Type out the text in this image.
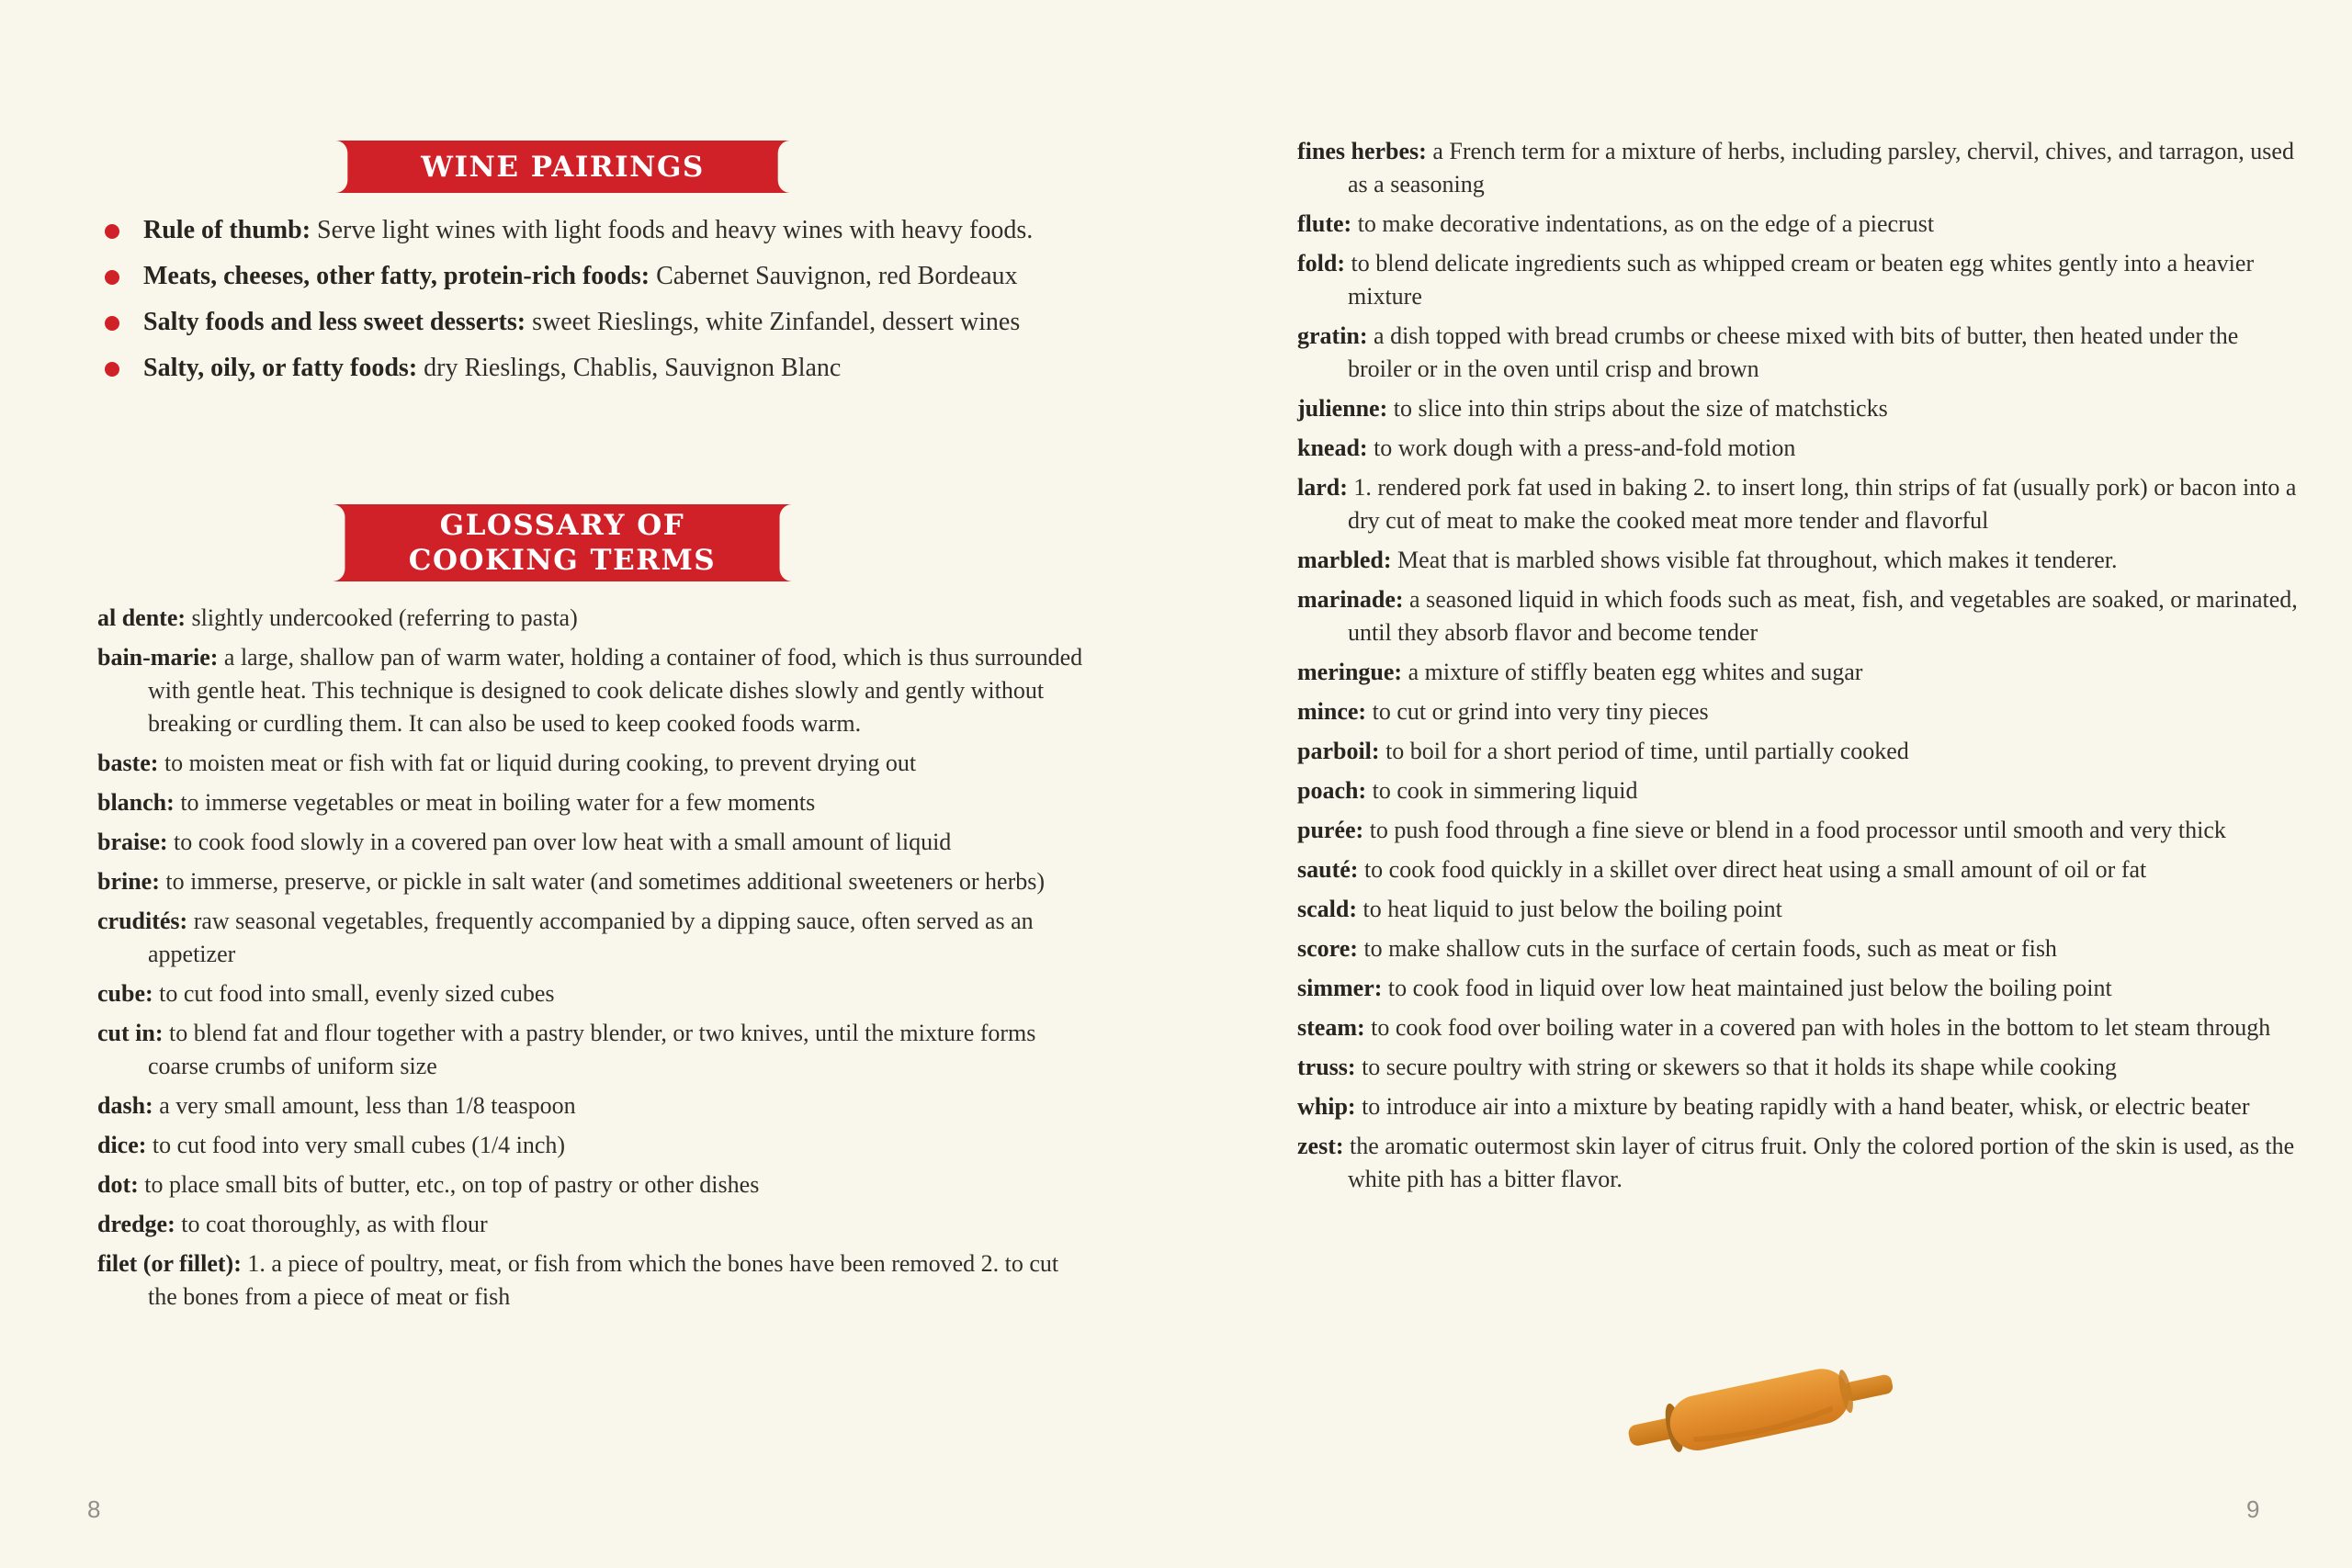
WINE PAIRINGS
Rule of thumb: Serve light wines with light foods and heavy wines with heavy foods.
Meats, cheeses, other fatty, protein-rich foods: Cabernet Sauvignon, red Bordeaux
Salty foods and less sweet desserts: sweet Rieslings, white Zinfandel, dessert wines
Salty, oily, or fatty foods: dry Rieslings, Chablis, Sauvignon Blanc
GLOSSARY OF
COOKING TERMS

al dente: slightly undercooked (referring to pasta)

bain-marie: a large, shallow pan of warm water, holding a container of food, which is thus surrounded with gentle heat. This technique is designed to cook delicate dishes slowly and gently without breaking or curdling them. It can also be used to keep cooked foods warm.

baste: to moisten meat or fish with fat or liquid during cooking, to prevent drying out

blanch: to immerse vegetables or meat in boiling water for a few moments

braise: to cook food slowly in a covered pan over low heat with a small amount of liquid

brine: to immerse, preserve, or pickle in salt water (and sometimes additional sweeteners or herbs)

crudités: raw seasonal vegetables, frequently accompanied by a dipping sauce, often served as an appetizer

cube: to cut food into small, evenly sized cubes

cut in: to blend fat and flour together with a pastry blender, or two knives, until the mixture forms coarse crumbs of uniform size

dash: a very small amount, less than 1/8 teaspoon

dice: to cut food into very small cubes (1/4 inch)

dot: to place small bits of butter, etc., on top of pastry or other dishes

dredge: to coat thoroughly, as with flour

filet (or fillet): 1. a piece of poultry, meat, or fish from which the bones have been removed 2. to cut the bones from a piece of meat or fish

fines herbes: a French term for a mixture of herbs, including parsley, chervil, chives, and tarragon, used as a seasoning

flute: to make decorative indentations, as on the edge of a piecrust

fold: to blend delicate ingredients such as whipped cream or beaten egg whites gently into a heavier mixture

gratin: a dish topped with bread crumbs or cheese mixed with bits of butter, then heated under the broiler or in the oven until crisp and brown

julienne: to slice into thin strips about the size of matchsticks

knead: to work dough with a press-and-fold motion

lard: 1. rendered pork fat used in baking 2. to insert long, thin strips of fat (usually pork) or bacon into a dry cut of meat to make the cooked meat more tender and flavorful

marbled: Meat that is marbled shows visible fat throughout, which makes it tenderer.

marinade: a seasoned liquid in which foods such as meat, fish, and vegetables are soaked, or marinated, until they absorb flavor and become tender

meringue: a mixture of stiffly beaten egg whites and sugar

mince: to cut or grind into very tiny pieces

parboil: to boil for a short period of time, until partially cooked

poach: to cook in simmering liquid

purée: to push food through a fine sieve or blend in a food processor until smooth and very thick

sauté: to cook food quickly in a skillet over direct heat using a small amount of oil or fat

scald: to heat liquid to just below the boiling point

score: to make shallow cuts in the surface of certain foods, such as meat or fish

simmer: to cook food in liquid over low heat maintained just below the boiling point

steam: to cook food over boiling water in a covered pan with holes in the bottom to let steam through

truss: to secure poultry with string or skewers so that it holds its shape while cooking

whip: to introduce air into a mixture by beating rapidly with a hand beater, whisk, or electric beater

zest: the aromatic outermost skin layer of citrus fruit. Only the colored portion of the skin is used, as the white pith has a bitter flavor.

8	9
